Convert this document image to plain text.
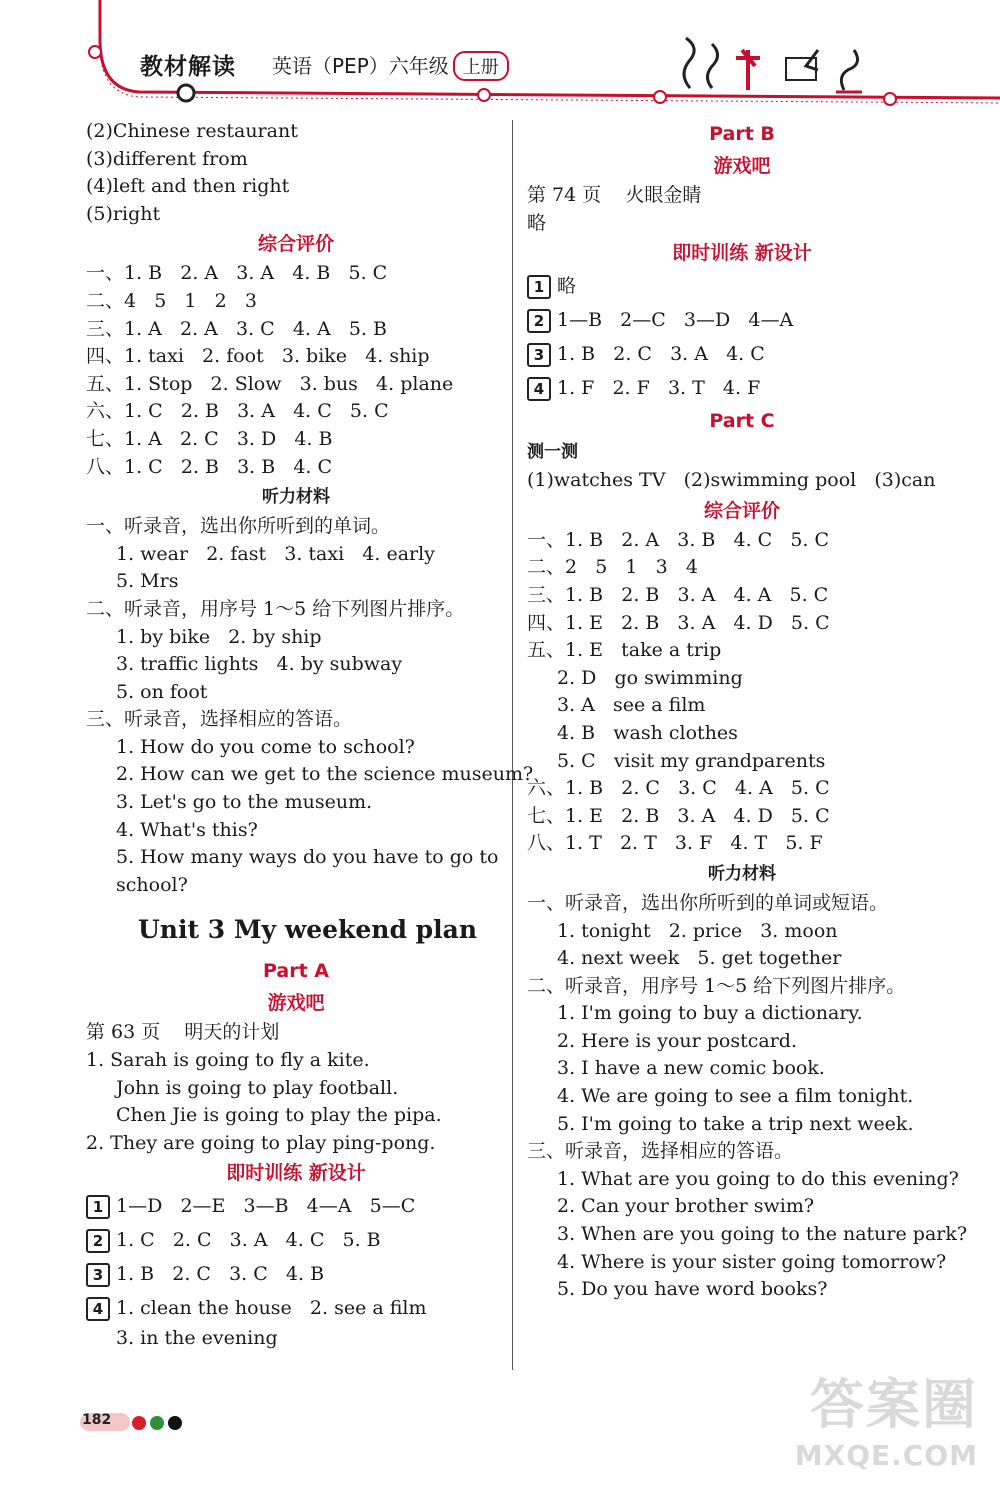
教材解读 英语（PEP）六年级 上册
(2)Chinese restaurant
(3)different from
(4)left and then right
(5)right
综合评价
一、1. B   2. A   3. A   4. B   5. C
二、4   5   1   2   3
三、1. A   2. A   3. C   4. A   5. B
四、1. taxi   2. foot   3. bike   4. ship
五、1. Stop   2. Slow   3. bus   4. plane
六、1. C   2. B   3. A   4. C   5. C
七、1. A   2. C   3. D   4. B
八、1. C   2. B   3. B   4. C
听力材料
一、听录音，选出你所听到的单词。
1. wear   2. fast   3. taxi   4. early
5. Mrs
二、听录音，用序号 1～5 给下列图片排序。
1. by bike   2. by ship
3. traffic lights   4. by subway
5. on foot
三、听录音，选择相应的答语。
1. How do you come to school?
2. How can we get to the science museum?
3. Let's go to the museum.
4. What's this?
5. How many ways do you have to go to
school?
Unit 3 My weekend plan
Part A
游戏吧
第 63 页    明天的计划
1. Sarah is going to fly a kite.
John is going to play football.
Chen Jie is going to play the pipa.
2. They are going to play ping-pong.
即时训练 新设计
1 1—D   2—E   3—B   4—A   5—C
2 1. C   2. C   3. A   4. C   5. B
3 1. B   2. C   3. C   4. B
4 1. clean the house   2. see a film
3. in the evening
Part B
游戏吧
第 74 页    火眼金睛
略
即时训练 新设计
1 略
2 1—B   2—C   3—D   4—A
3 1. B   2. C   3. A   4. C
4 1. F   2. F   3. T   4. F
Part C
测一测
(1)watches TV   (2)swimming pool   (3)can
综合评价
一、1. B   2. A   3. B   4. C   5. C
二、2   5   1   3   4
三、1. B   2. B   3. A   4. A   5. C
四、1. E   2. B   3. A   4. D   5. C
五、1. E   take a trip
2. D   go swimming
3. A   see a film
4. B   wash clothes
5. C   visit my grandparents
六、1. B   2. C   3. C   4. A   5. C
七、1. E   2. B   3. A   4. D   5. C
八、1. T   2. T   3. F   4. T   5. F
听力材料
一、听录音，选出你所听到的单词或短语。
1. tonight   2. price   3. moon
4. next week   5. get together
二、听录音，用序号 1～5 给下列图片排序。
1. I'm going to buy a dictionary.
2. Here is your postcard.
3. I have a new comic book.
4. We are going to see a film tonight.
5. I'm going to take a trip next week.
三、听录音，选择相应的答语。
1. What are you going to do this evening?
2. Can your brother swim?
3. When are you going to the nature park?
4. Where is your sister going tomorrow?
5. Do you have word books?
182	答案圈
MXQE.COM
